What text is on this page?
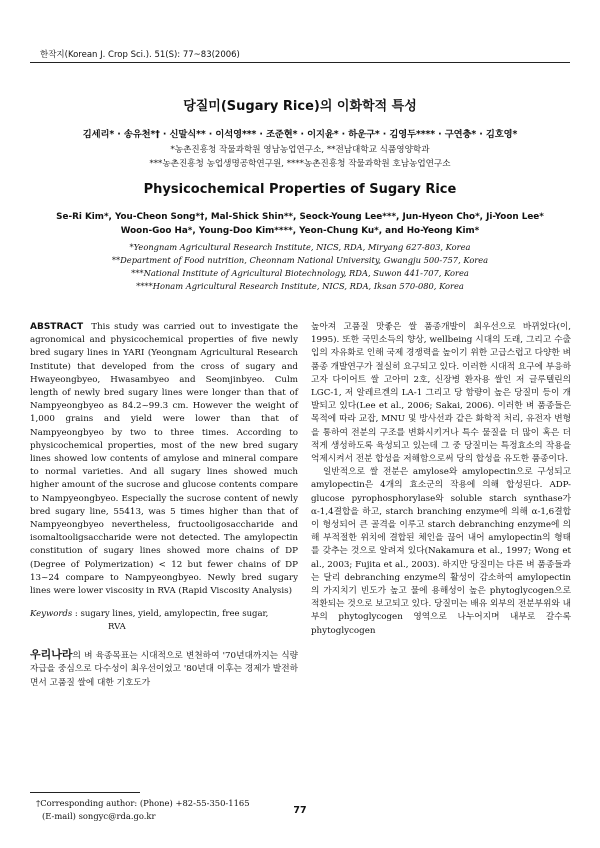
한작지(Korean J. Crop Sci.). 51(S): 77~83(2006)
당질미(Sugary Rice)의 이화학적 특성
김세리* · 송유천*† · 신말식** · 이석영*** · 조준현* · 이지윤* · 하운구* · 김영두**** · 구연충* · 김호영*
*농촌진흥청 작물과학원 영남농업연구소, **전남대학교 식품영양학과
***농촌진흥청 농업생명공학연구원, ****농촌진흥청 작물과학원 호남농업연구소
Physicochemical Properties of Sugary Rice
Se-Ri Kim*, You-Cheon Song*†, Mal-Shick Shin**, Seock-Young Lee***, Jun-Hyeon Cho*, Ji-Yoon Lee*
Woon-Goo Ha*, Young-Doo Kim****, Yeon-Chung Ku*, and Ho-Yeong Kim*
*Yeongnam Agricultural Research Institute, NICS, RDA, Miryang 627-803, Korea
**Department of Food nutrition, Cheonnam National University, Gwangju 500-757, Korea
***National Institute of Agricultural Biotechnology, RDA, Suwon 441-707, Korea
****Honam Agricultural Research Institute, NICS, RDA, Iksan 570-080, Korea

ABSTRACT This study was carried out to investigate the agronomical and physicochemical properties of five newly bred sugary lines in YARI (Yeongnam Agricultural Research Institute) that developed from the cross of sugary and Hwayeongbyeo, Hwasambyeo and Seomjinbyeo. Culm length of newly bred sugary lines were longer than that of Nampyeongbyeo as 84.2~99.3 cm. However the weight of 1,000 grains and yield were lower than that of Nampyeongbyeo by two to three times. According to physicochemical properties, most of the new bred sugary lines showed low contents of amylose and mineral compare to normal varieties. And all sugary lines showed much higher amount of the sucrose and glucose contents compare to Nampyeongbyeo. Especially the sucrose content of newly bred sugary line, 55413, was 5 times higher than that of Nampyeongbyeo nevertheless, fructooligosaccharide and isomaltooligsaccharide were not detected. The amylopectin constitution of sugary lines showed more chains of DP (Degree of Polymerization) < 12 but fewer chains of DP 13~24 compare to Nampyeongbyeo. Newly bred sugary lines were lower viscosity in RVA (Rapid Viscosity Analysis)

Keywords : sugary lines, yield, amylopectin, free sugar,
RVA

우리나라의 벼 육종목표는 시대적으로 변천하여 '70년대까지는 식량자급을 중심으로 다수성이 최우선이었고 '80년대 이후는 경제가 발전하면서 고품질 쌀에 대한 기호도가

†Corresponding author: (Phone) +82-55-350-1165
(E-mail) songyc@rda.go.kr

높아져 고품질 맛좋은 쌀 품종개발이 최우선으로 바뀌었다(이, 1995). 또한 국민소득의 향상, wellbeing 시대의 도래, 그리고 수출입의 자유화로 인해 국제 경쟁력을 높이기 위한 고급스럽고 다양한 벼 품종 개발연구가 절실히 요구되고 있다. 이러한 시대적 요구에 부응하고자 다이어트 쌀 고아미 2호, 신장병 환자용 쌀인 저 글루텔린의 LGC-1, 저 알레르겐의 LA-1 그리고 당 함량이 높은 당질미 등이 개발되고 있다(Lee et al., 2006; Sakai, 2006). 이러한 벼 품종들은 목적에 따라 교잡, MNU 및 방사선과 같은 화학적 처리, 유전자 변형을 통하여 전분의 구조를 변화시키거나 특수 물질을 더 많이 혹은 더 적게 생성하도록 육성되고 있는데 그 중 당질미는 특정효소의 작용을 억제시켜서 전분 합성을 저해함으로써 당의 합성을 유도한 품종이다.

일반적으로 쌀 전분은 amylose와 amylopectin으로 구성되고 amylopectin은 4개의 효소군의 작용에 의해 합성된다. ADP- glucose pyrophosphorylase와 soluble starch synthase가 α-1,4결합을 하고, starch branching enzyme에 의해 α-1,6결합이 형성되어 큰 골격을 이루고 starch debranching enzyme에 의해 부적절한 위치에 결합된 체인을 끊어 내어 amylopectin의 형태를 갖추는 것으로 알려져 있다(Nakamura et al., 1997; Wong et al., 2003; Fujita et al., 2003). 하지만 당질미는 다른 벼 품종들과는 달리 debranching enzyme의 활성이 감소하여 amylopectin의 가지치기 빈도가 높고 물에 용해성이 높은 phytoglycogen으로 적환되는 것으로 보고되고 있다. 당질미는 배유 외부의 전분부위와 내부의 phytoglycogen 영역으로 나누어지며 내부로 갈수록 phytoglycogen

77
